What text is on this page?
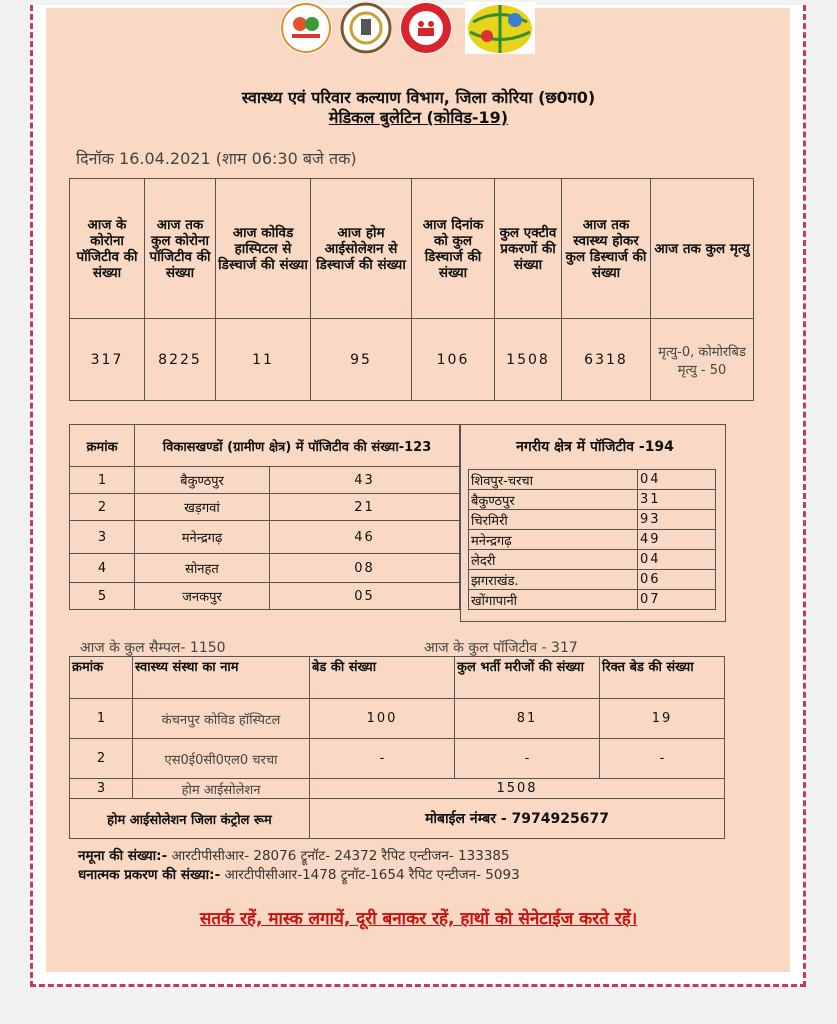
स्वास्थ्य एवं परिवार कल्याण विभाग, जिला कोरिया (छ0ग0)
मेडिकल बुलेटिन (कोविड-19)
दिनॉक 16.04.2021 (शाम 06:30 बजे तक)
आज के कोरोना पॉजिटीव की संख्या	आज तक कुल कोरोना पॉजिटीव की संख्या	आज कोविड हास्पिटल से डिस्चार्ज की संख्या	आज होम आईसोलेशन से डिस्चार्ज की संख्या	आज दिनांक को कुल डिस्चार्ज की संख्या	कुल एक्टीव प्रकरणों की संख्या	आज तक स्वास्थ्य होकर कुल डिस्चार्ज की संख्या	आज तक कुल मृत्यु
317	8225	11	95	106	1508	6318	मृत्यु-0, कोमोरबिड मृत्यु - 50
क्रमांक	विकासखण्डों (ग्रामीण क्षेत्र) में पॉजिटीव की संख्या-123	
1	बैकुण्ठपुर	43
2	खड़गवां	21
3	मनेन्द्रगढ़	46
4	सोनहत	08
5	जनकपुर	05
नगरीय क्षेत्र में पॉजिटीव -194
शिवपुर-चरचा	04
बैकुण्ठपुर	31
चिरमिरी	93
मनेन्द्रगढ़	49
लेदरी	04
झगराखंड.	06
खोंगापानी	07
आज के कुल सैम्पल- 1150	आज के कुल पॉजिटीव - 317
क्रमांक	स्वास्थ्य संस्था का नाम	बेड की संख्या	कुल भर्ती मरीजों की संख्या	रिक्त बेड की संख्या
1	कंचनपुर कोविड हॉस्पिटल	100	81	19
2	एस0ई0सी0एल0 चरचा	-	-	-
3	होम आईसोलेशन	1508		
होम आईसोलेशन जिला कंट्रोल रूम		मोबाईल नंम्बर - 7974925677		
नमूना की संख्या:- आरटीपीसीआर- 28076 ट्रूनॉट- 24372 रैपिट एन्टीजन- 133385
धनात्मक प्रकरण की संख्या:- आरटीपीसीआर-1478 ट्रूनॉट-1654 रैपिट एन्टीजन- 5093
सतर्क रहें, मास्क लगायें, दूरी बनाकर रहें, हाथों को सेनेटाईज करते रहें।
